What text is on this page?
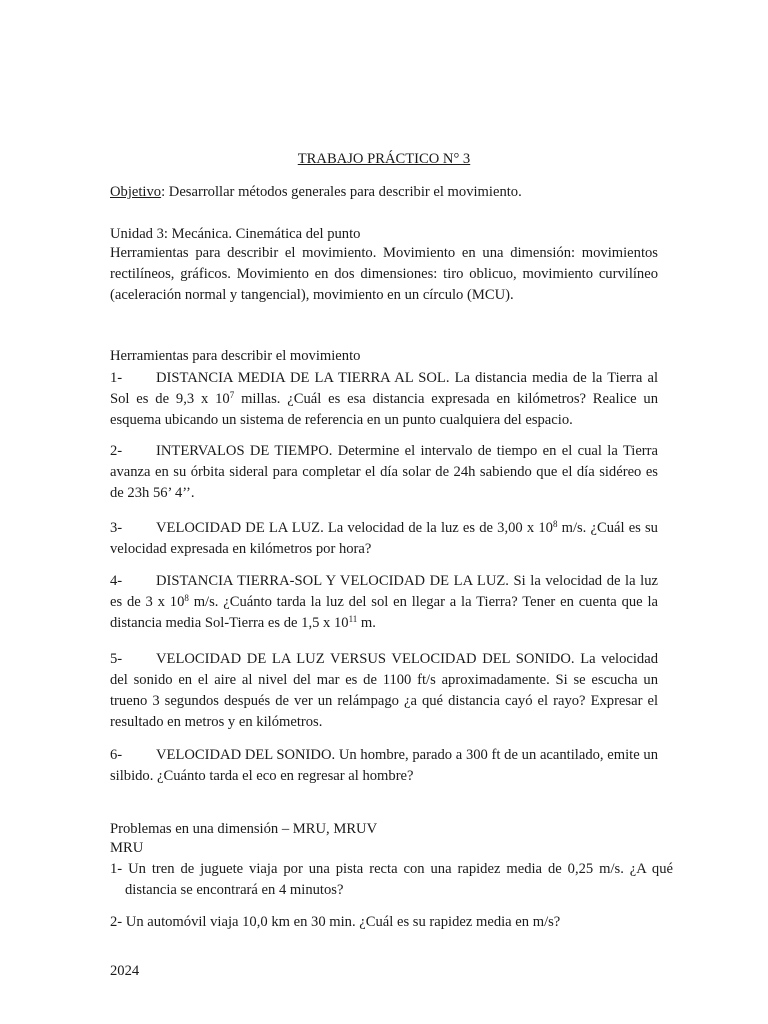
TRABAJO PRÁCTICO N° 3

Objetivo: Desarrollar métodos generales para describir el movimiento.

Unidad 3: Mecánica. Cinemática del punto

Herramientas para describir el movimiento. Movimiento en una dimensión: movimientos rectilíneos, gráficos. Movimiento en dos dimensiones: tiro oblicuo, movimiento curvilíneo (aceleración normal y tangencial), movimiento en un círculo (MCU).

Herramientas para describir el movimiento

1- DISTANCIA MEDIA DE LA TIERRA AL SOL. La distancia media de la Tierra al Sol es de 9,3 x $10^7$ millas. ¿Cuál es esa distancia expresada en kilómetros? Realice un esquema ubicando un sistema de referencia en un punto cualquiera del espacio.

2- INTERVALOS DE TIEMPO. Determine el intervalo de tiempo en el cual la Tierra avanza en su órbita sideral para completar el día solar de 24h sabiendo que el día sidéreo es de 23h 56’ 4’’.

3- VELOCIDAD DE LA LUZ. La velocidad de la luz es de 3,00 x $10^8$ m/s. ¿Cuál es su velocidad expresada en kilómetros por hora?

4- DISTANCIA TIERRA-SOL Y VELOCIDAD DE LA LUZ. Si la velocidad de la luz es de 3 x $10^8$ m/s. ¿Cuánto tarda la luz del sol en llegar a la Tierra? Tener en cuenta que la distancia media Sol-Tierra es de 1,5 x $10^{11}$ m.

5- VELOCIDAD DE LA LUZ VERSUS VELOCIDAD DEL SONIDO. La velocidad del sonido en el aire al nivel del mar es de 1100 ft/s aproximadamente. Si se escucha un trueno 3 segundos después de ver un relámpago ¿a qué distancia cayó el rayo? Expresar el resultado en metros y en kilómetros.

6- VELOCIDAD DEL SONIDO. Un hombre, parado a 300 ft de un acantilado, emite un silbido. ¿Cuánto tarda el eco en regresar al hombre?

Problemas en una dimensión – MRU, MRUV

MRU

1- Un tren de juguete viaja por una pista recta con una rapidez media de 0,25 m/s. ¿A qué distancia se encontrará en 4 minutos?

2- Un automóvil viaja 10,0 km en 30 min. ¿Cuál es su rapidez media en m/s?

2024
